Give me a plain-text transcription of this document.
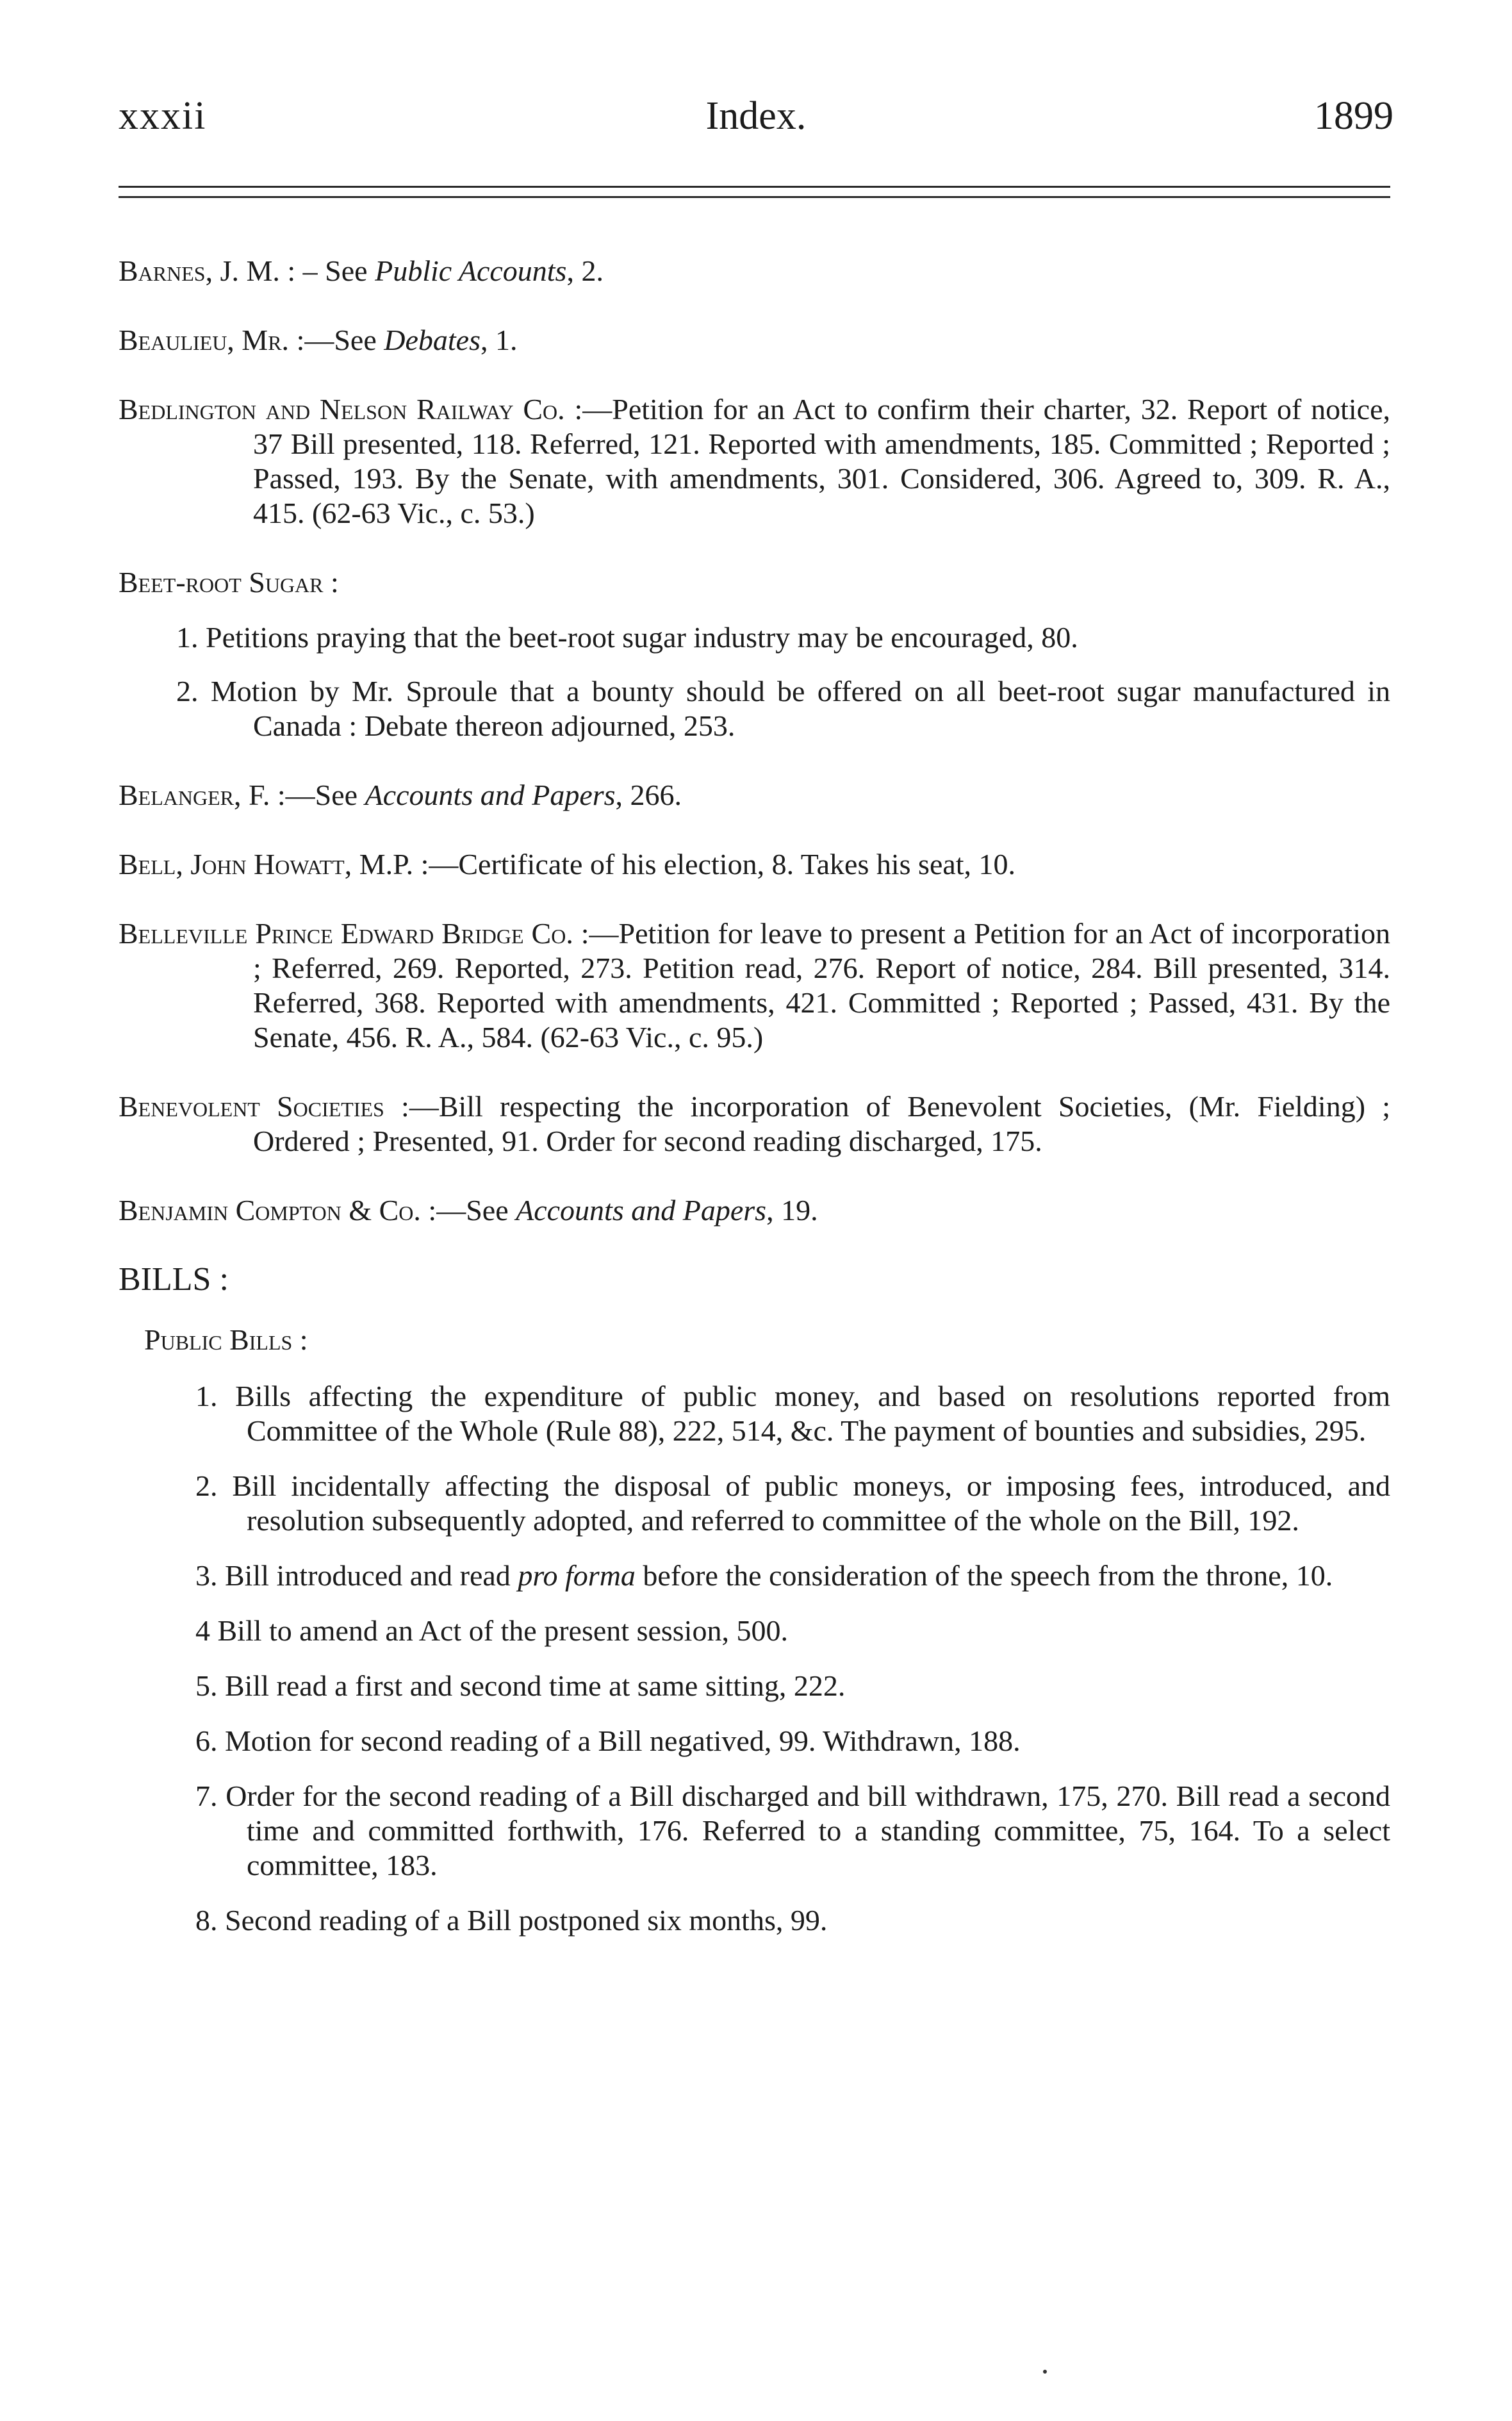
xxxii	Index.	1899

Barnes, J. M. : – See Public Accounts, 2.

Beaulieu, Mr. :—See Debates, 1.

Bedlington and Nelson Railway Co. :—Petition for an Act to confirm their charter, 32. Report of notice, 37 Bill presented, 118. Referred, 121. Reported with amendments, 185. Committed ; Reported ; Passed, 193. By the Senate, with amendments, 301. Considered, 306. Agreed to, 309. R. A., 415. (62-63 Vic., c. 53.)

Beet-root Sugar :

1. Petitions praying that the beet-root sugar industry may be encouraged, 80.
2. Motion by Mr. Sproule that a bounty should be offered on all beet-root sugar manufactured in Canada : Debate thereon adjourned, 253.

Belanger, F. :—See Accounts and Papers, 266.

Bell, John Howatt, M.P. :—Certificate of his election, 8. Takes his seat, 10.

Belleville Prince Edward Bridge Co. :—Petition for leave to present a Petition for an Act of incorporation ; Referred, 269. Reported, 273. Petition read, 276. Report of notice, 284. Bill presented, 314. Referred, 368. Reported with amendments, 421. Committed ; Reported ; Passed, 431. By the Senate, 456. R. A., 584. (62-63 Vic., c. 95.)

Benevolent Societies :—Bill respecting the incorporation of Benevolent Societies, (Mr. Fielding) ; Ordered ; Presented, 91. Order for second reading discharged, 175.

Benjamin Compton & Co. :—See Accounts and Papers, 19.

BILLS :
Public Bills :
1. Bills affecting the expenditure of public money, and based on resolutions reported from Committee of the Whole (Rule 88), 222, 514, &c. The payment of bounties and subsidies, 295.
2. Bill incidentally affecting the disposal of public moneys, or imposing fees, introduced, and resolution subsequently adopted, and referred to committee of the whole on the Bill, 192.
3. Bill introduced and read pro forma before the consideration of the speech from the throne, 10.
4 Bill to amend an Act of the present session, 500.
5. Bill read a first and second time at same sitting, 222.
6. Motion for second reading of a Bill negatived, 99. Withdrawn, 188.
7. Order for the second reading of a Bill discharged and bill withdrawn, 175, 270. Bill read a second time and committed forthwith, 176. Referred to a standing committee, 75, 164. To a select committee, 183.
8. Second reading of a Bill postponed six months, 99.
